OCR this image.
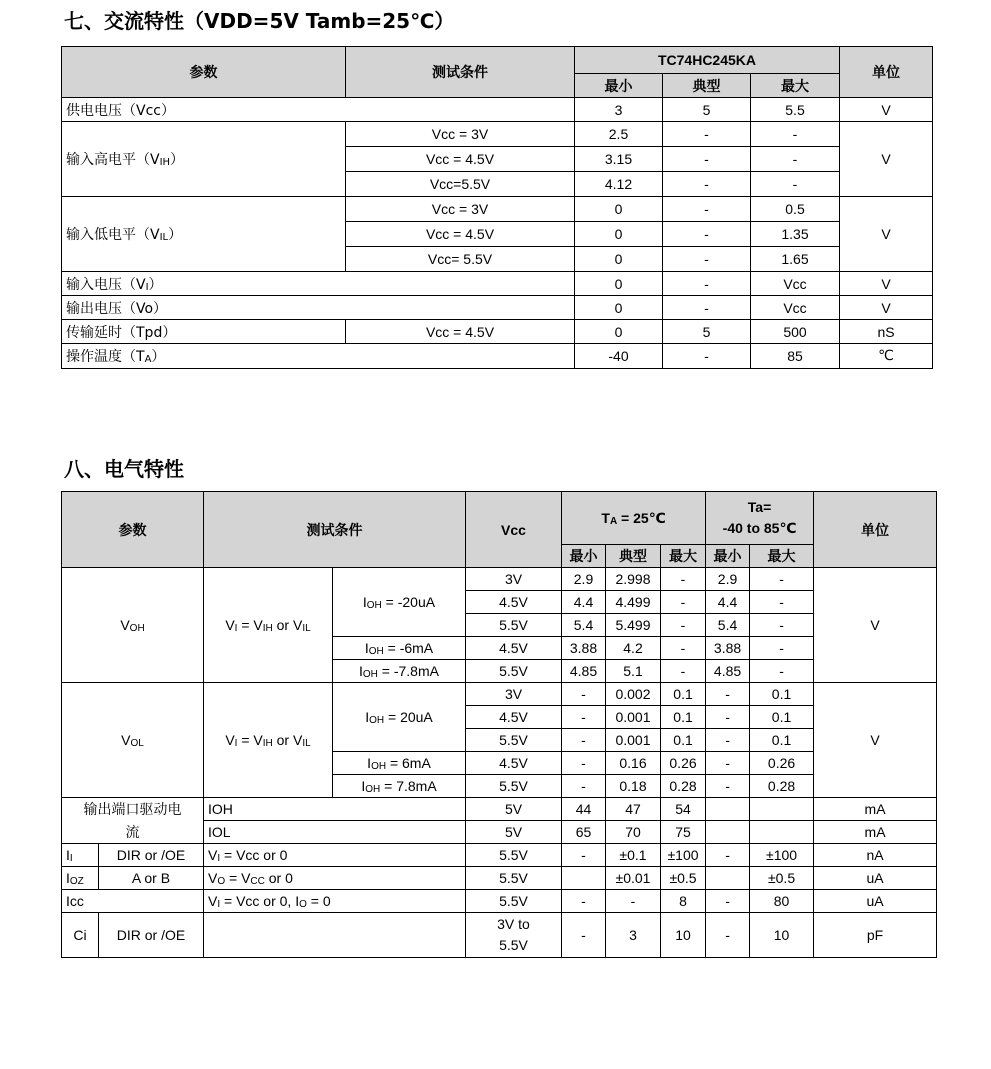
七、交流特性（VDD=5V Tamb=25℃）
参数	测试条件	TC74HC245KA			单位
		最小	典型	最大	
供电电压（Vcc）		3	5	5.5	V
输入高电平$(V_{IH})$	Vcc = 3V	2.5	-	-	V
	Vcc = 4.5V	3.15	-	-	
	Vcc=5.5V	4.12	-	-	
输入低电平$(V_{IL})$	Vcc = 3V	0	-	0.5	V
	Vcc = 4.5V	0	-	1.35	
	Vcc= 5.5V	0	-	1.65	
输入电压$(V_I)$		0	-	Vcc	V
输出电压（Vo）		0	-	Vcc	V
传输延时（Tpd）	Vcc = 4.5V	0	5	500	nS
操作温度$(T_A)$		-40	-	85	℃
八、电气特性
参数		测试条件		Vcc	$T_A$ = 25℃			Ta=
-40 to 85℃		单位
					最小	典型	最大	最小	最大	
$V_{OH}$		$V_I = V_{IH}$ or $V_{IL}$	$I_{OH} = -20uA$	3V	2.9	2.998	-	2.9	-	V
				4.5V	4.4	4.499	-	4.4	-	
				5.5V	5.4	5.499	-	5.4	-	
			$I_{OH} = -6mA$	4.5V	3.88	4.2	-	3.88	-	
			$I_{OH} = -7.8mA$	5.5V	4.85	5.1	-	4.85	-	
$V_{OL}$		$V_I = V_{IH}$ or $V_{IL}$	$I_{OH} = 20uA$	3V	-	0.002	0.1	-	0.1	V
				4.5V	-	0.001	0.1	-	0.1	
				5.5V	-	0.001	0.1	-	0.1	
			$I_{OH} = 6mA$	4.5V	-	0.16	0.26	-	0.26	
			$I_{OH} = 7.8mA$	5.5V	-	0.18	0.28	-	0.28	
输出端口驱动电		IOH		5V	44	47	54			mA
流		IOL		5V	65	70	75			mA
$I_I$	DIR or /OE	$V_I$ = Vcc or 0		5.5V	-	±0.1	±100	-	±100	nA
$I_{OZ}$	A or B	$V_O = V_{CC}$ or 0		5.5V		±0.01	±0.5		±0.5	uA
Icc		$V_I$ = Vcc or 0, $I_O = 0$		5.5V	-	-	8	-	80	uA
Ci	DIR or /OE			3V to
5.5V	-	3	10	-	10	pF
